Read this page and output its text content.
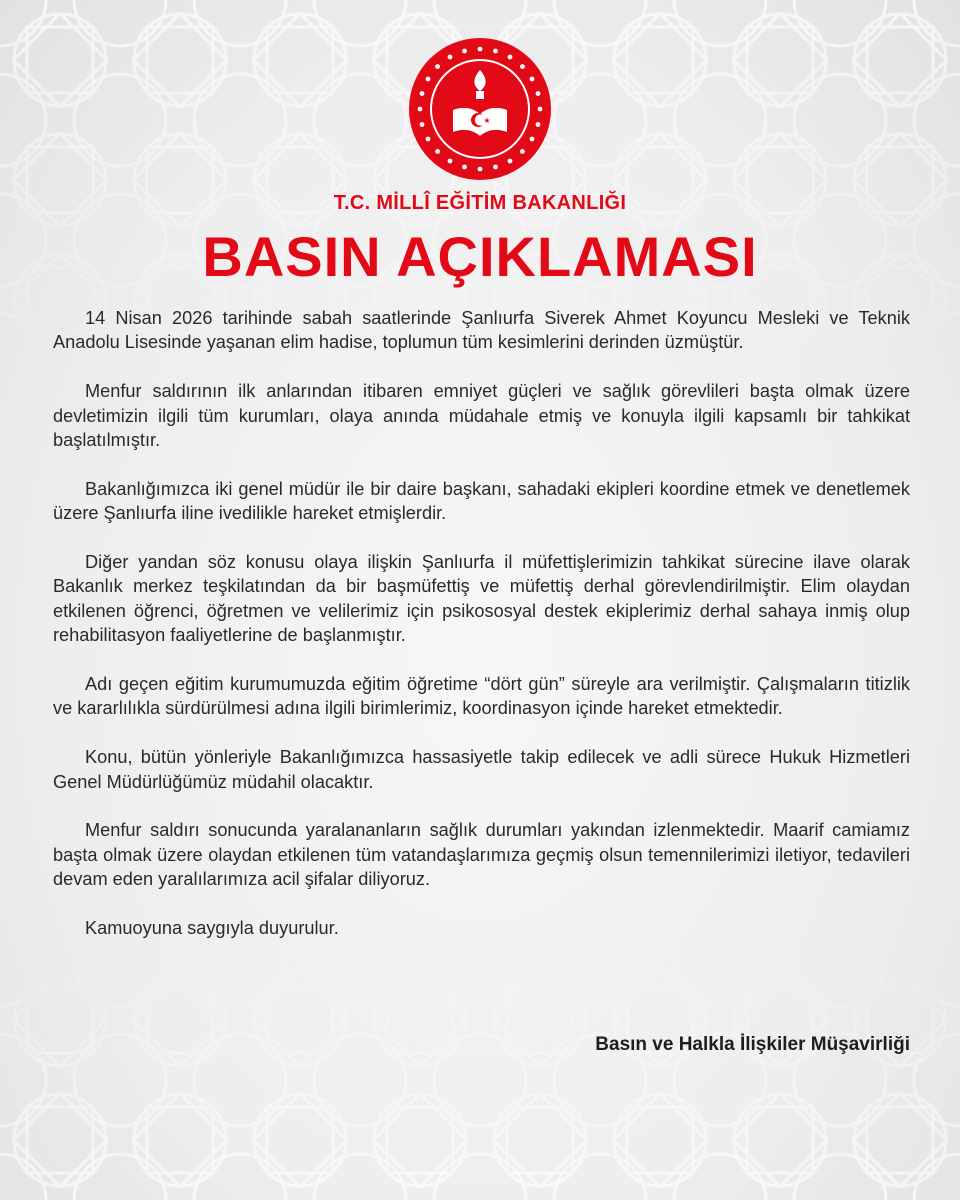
T.C. MİLLÎ EĞİTİM BAKANLIĞI
BASIN AÇIKLAMASI

14 Nisan 2026 tarihinde sabah saatlerinde Şanlıurfa Siverek Ahmet Koyuncu Mesleki ve Teknik Anadolu Lisesinde yaşanan elim hadise, toplumun tüm kesimlerini derinden üzmüştür.

Menfur saldırının ilk anlarından itibaren emniyet güçleri ve sağlık görevlileri başta olmak üzere devletimizin ilgili tüm kurumları, olaya anında müdahale etmiş ve konuyla ilgili kapsamlı bir tahkikat başlatılmıştır.

Bakanlığımızca iki genel müdür ile bir daire başkanı, sahadaki ekipleri koordine etmek ve denetlemek üzere Şanlıurfa iline ivedilikle hareket etmişlerdir.

Diğer yandan söz konusu olaya ilişkin Şanlıurfa il müfettişlerimizin tahkikat sürecine ilave olarak Bakanlık merkez teşkilatından da bir başmüfettiş ve müfettiş derhal görevlendirilmiştir. Elim olaydan etkilenen öğrenci, öğretmen ve velilerimiz için psikososyal destek ekiplerimiz derhal sahaya inmiş olup rehabilitasyon faaliyetlerine de başlanmıştır.

Adı geçen eğitim kurumumuzda eğitim öğretime “dört gün” süreyle ara verilmiştir. Çalışmaların titizlik ve kararlılıkla sürdürülmesi adına ilgili birimlerimiz, koordinasyon içinde hareket etmektedir.

Konu, bütün yönleriyle Bakanlığımızca hassasiyetle takip edilecek ve adli sürece Hukuk Hizmetleri Genel Müdürlüğümüz müdahil olacaktır.

Menfur saldırı sonucunda yaralananların sağlık durumları yakından izlenmektedir. Maarif camiamız başta olmak üzere olaydan etkilenen tüm vatandaşlarımıza geçmiş olsun temennilerimizi iletiyor, tedavileri devam eden yaralılarımıza acil şifalar diliyoruz.

Kamuoyuna saygıyla duyurulur.

Basın ve Halkla İlişkiler Müşavirliği
